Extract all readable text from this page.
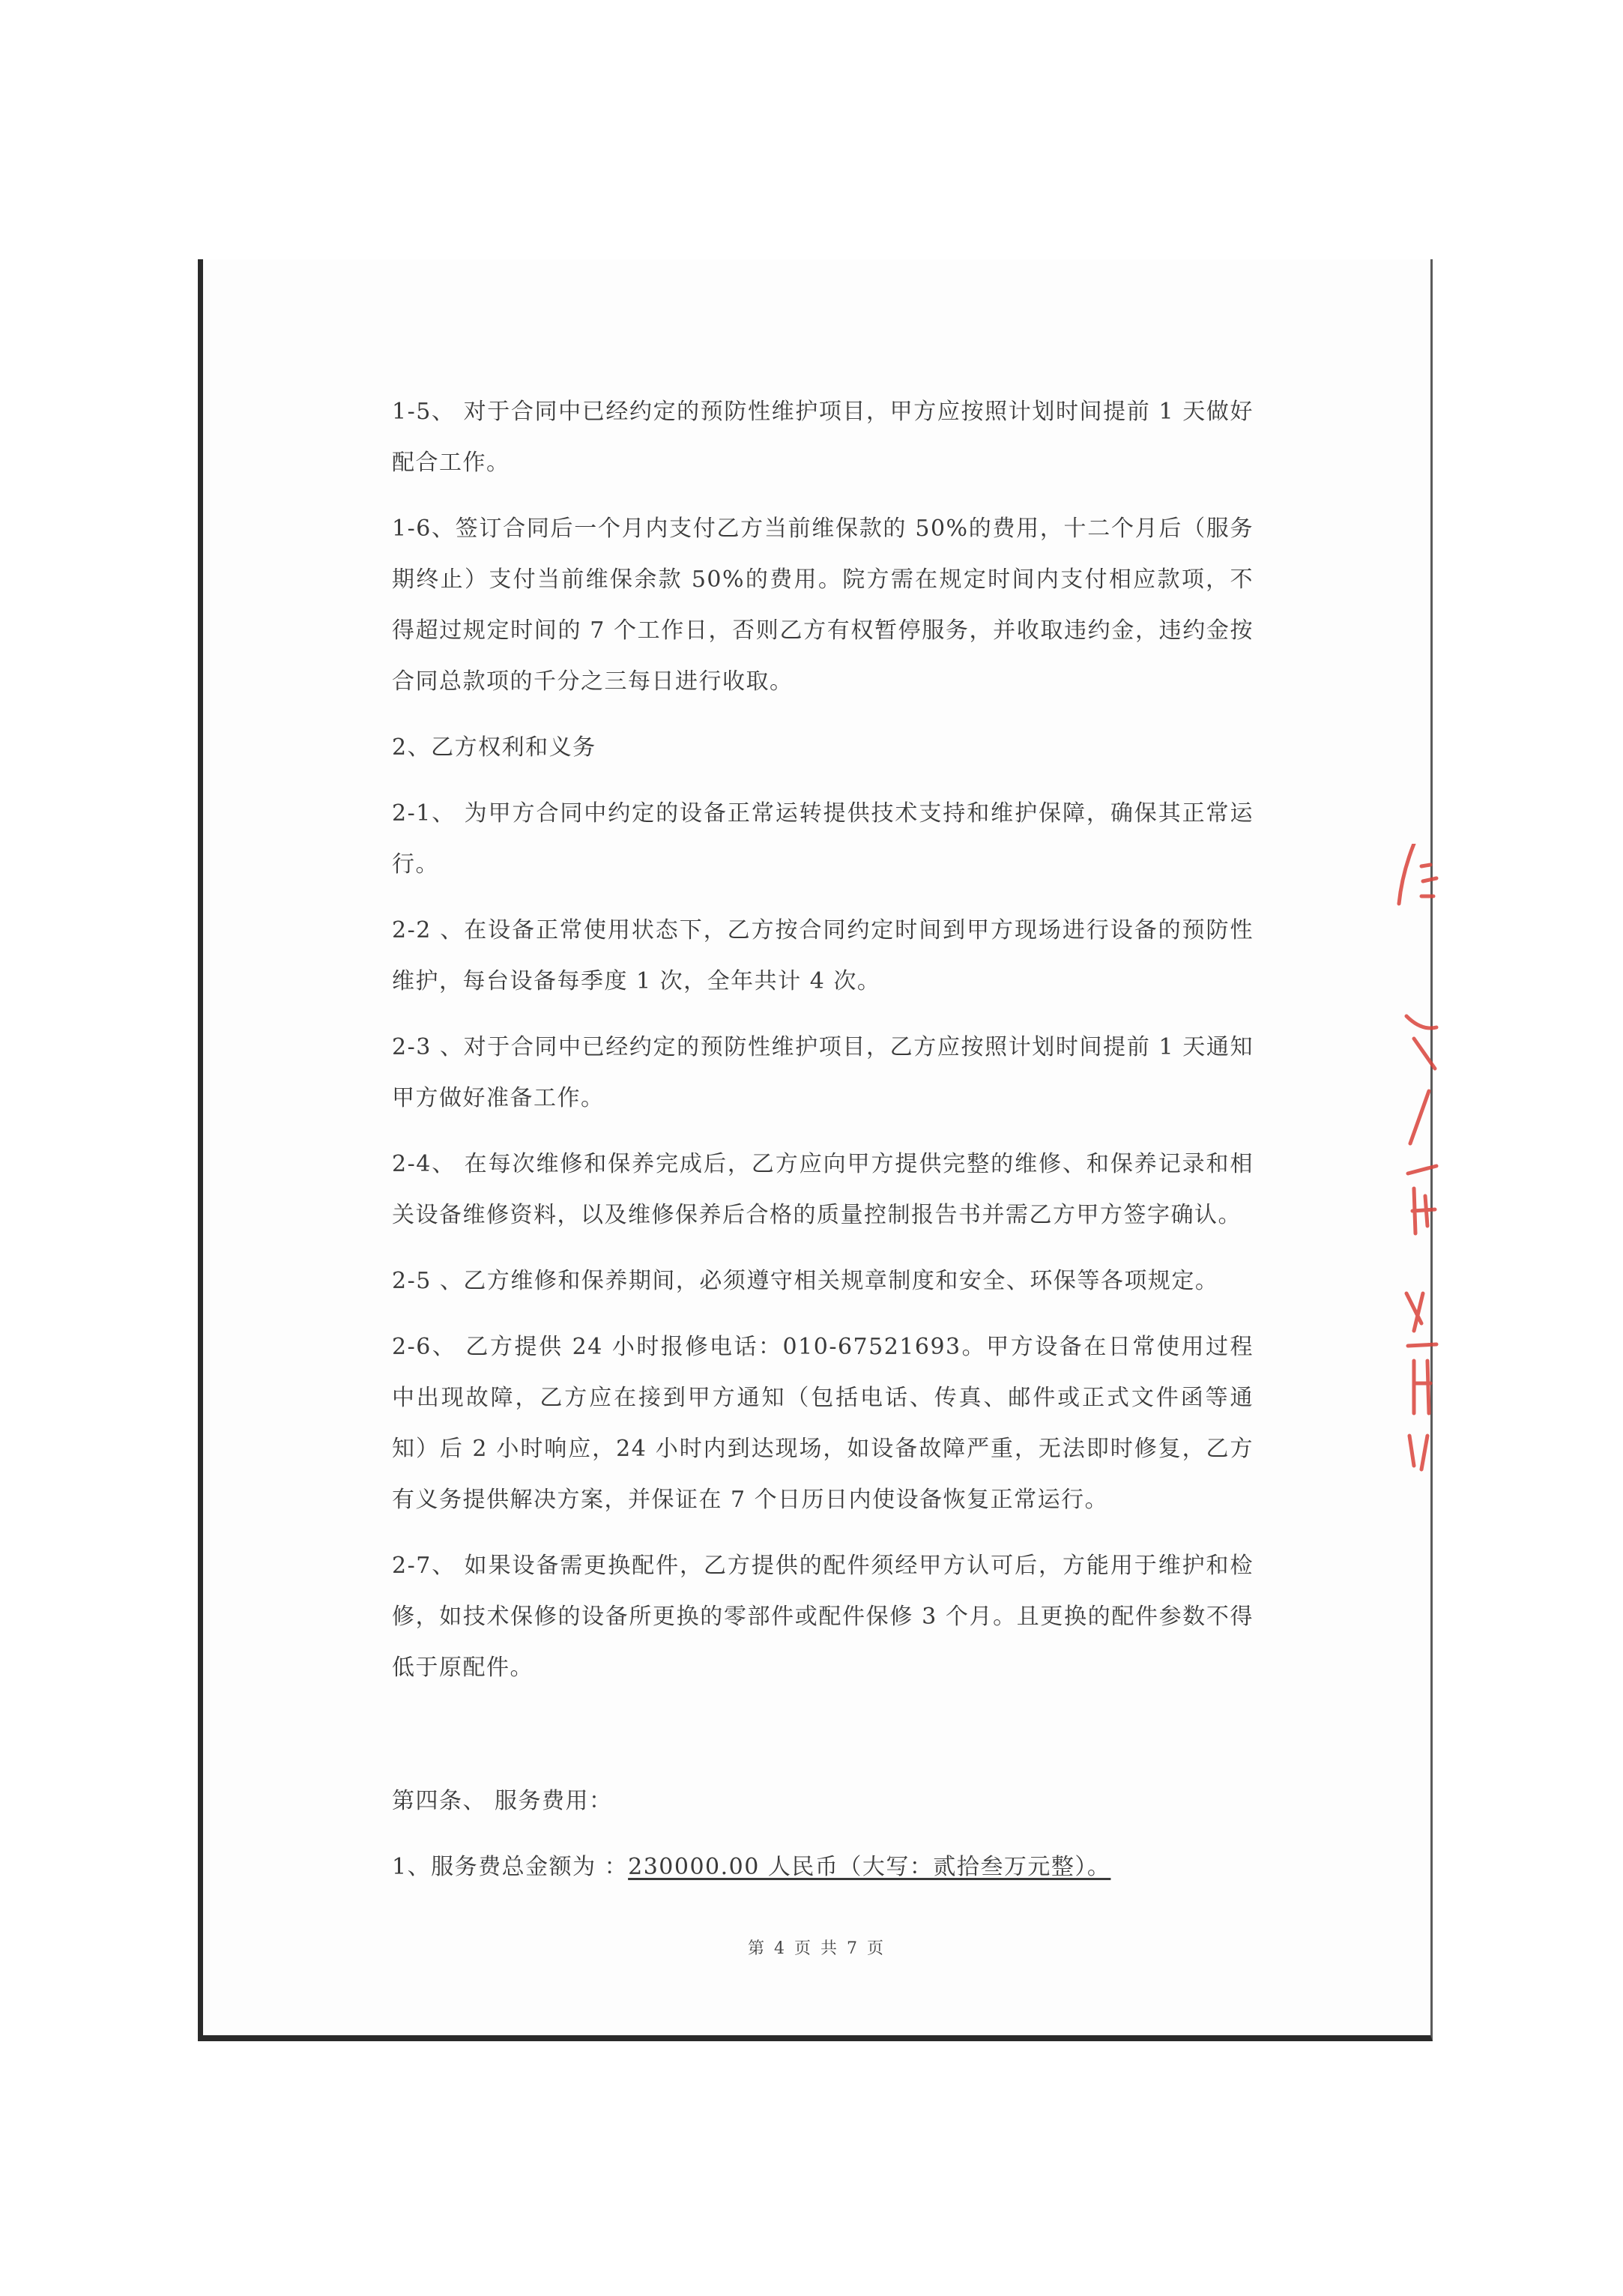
1-5、 对于合同中已经约定的预防性维护项目，甲方应按照计划时间提前 1 天做好配合工作。

1-6、签订合同后一个月内支付乙方当前维保款的 50%的费用，十二个月后（服务期终止）支付当前维保余款 50%的费用。院方需在规定时间内支付相应款项，不得超过规定时间的 7 个工作日，否则乙方有权暂停服务，并收取违约金，违约金按合同总款项的千分之三每日进行收取。

2、乙方权利和义务

2-1、 为甲方合同中约定的设备正常运转提供技术支持和维护保障，确保其正常运行。

2-2 、在设备正常使用状态下，乙方按合同约定时间到甲方现场进行设备的预防性维护，每台设备每季度 1 次，全年共计 4 次。

2-3 、对于合同中已经约定的预防性维护项目，乙方应按照计划时间提前 1 天通知甲方做好准备工作。

2-4、 在每次维修和保养完成后，乙方应向甲方提供完整的维修、和保养记录和相关设备维修资料，以及维修保养后合格的质量控制报告书并需乙方甲方签字确认。

2-5 、乙方维修和保养期间，必须遵守相关规章制度和安全、环保等各项规定。

2-6、 乙方提供 24 小时报修电话：010-67521693。甲方设备在日常使用过程中出现故障，乙方应在接到甲方通知（包括电话、传真、邮件或正式文件函等通知）后 2 小时响应，24 小时内到达现场，如设备故障严重，无法即时修复，乙方有义务提供解决方案，并保证在 7 个日历日内使设备恢复正常运行。

2-7、 如果设备需更换配件，乙方提供的配件须经甲方认可后，方能用于维护和检修，如技术保修的设备所更换的零部件或配件保修 3 个月。且更换的配件参数不得低于原配件。

第四条、 服务费用：

1、服务费总金额为 ：230000.00 人民币（大写：贰拾叁万元整）。

第 4 页 共 7 页
